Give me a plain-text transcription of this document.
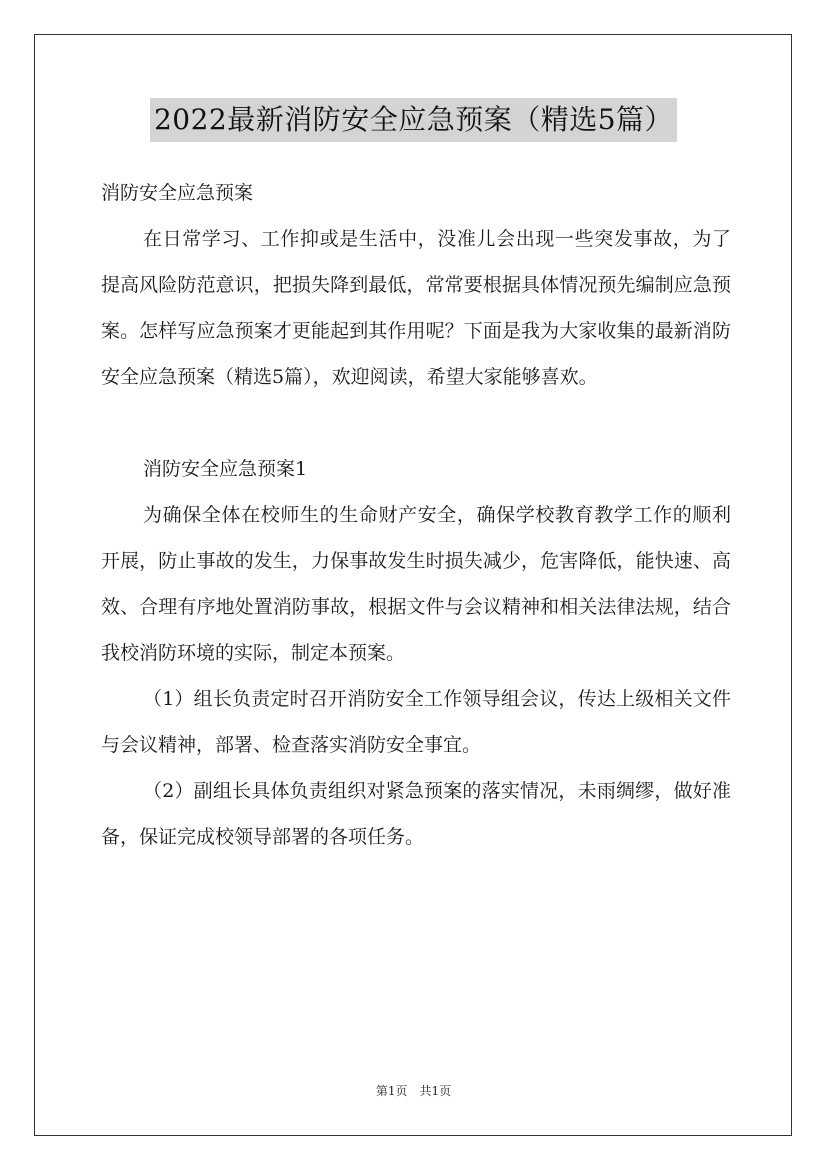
2022最新消防安全应急预案（精选5篇）

消防安全应急预案

在日常学习、工作抑或是生活中，没准儿会出现一些突发事故，为了提高风险防范意识，把损失降到最低，常常要根据具体情况预先编制应急预案。怎样写应急预案才更能起到其作用呢？下面是我为大家收集的最新消防安全应急预案（精选5篇），欢迎阅读，希望大家能够喜欢。

消防安全应急预案1

为确保全体在校师生的生命财产安全，确保学校教育教学工作的顺利开展，防止事故的发生，力保事故发生时损失减少，危害降低，能快速、高效、合理有序地处置消防事故，根据文件与会议精神和相关法律法规，结合我校消防环境的实际，制定本预案。

（1）组长负责定时召开消防安全工作领导组会议，传达上级相关文件与会议精神，部署、检查落实消防安全事宜。

（2）副组长具体负责组织对紧急预案的落实情况，未雨绸缪，做好准备，保证完成校领导部署的各项任务。

第1页　共1页
